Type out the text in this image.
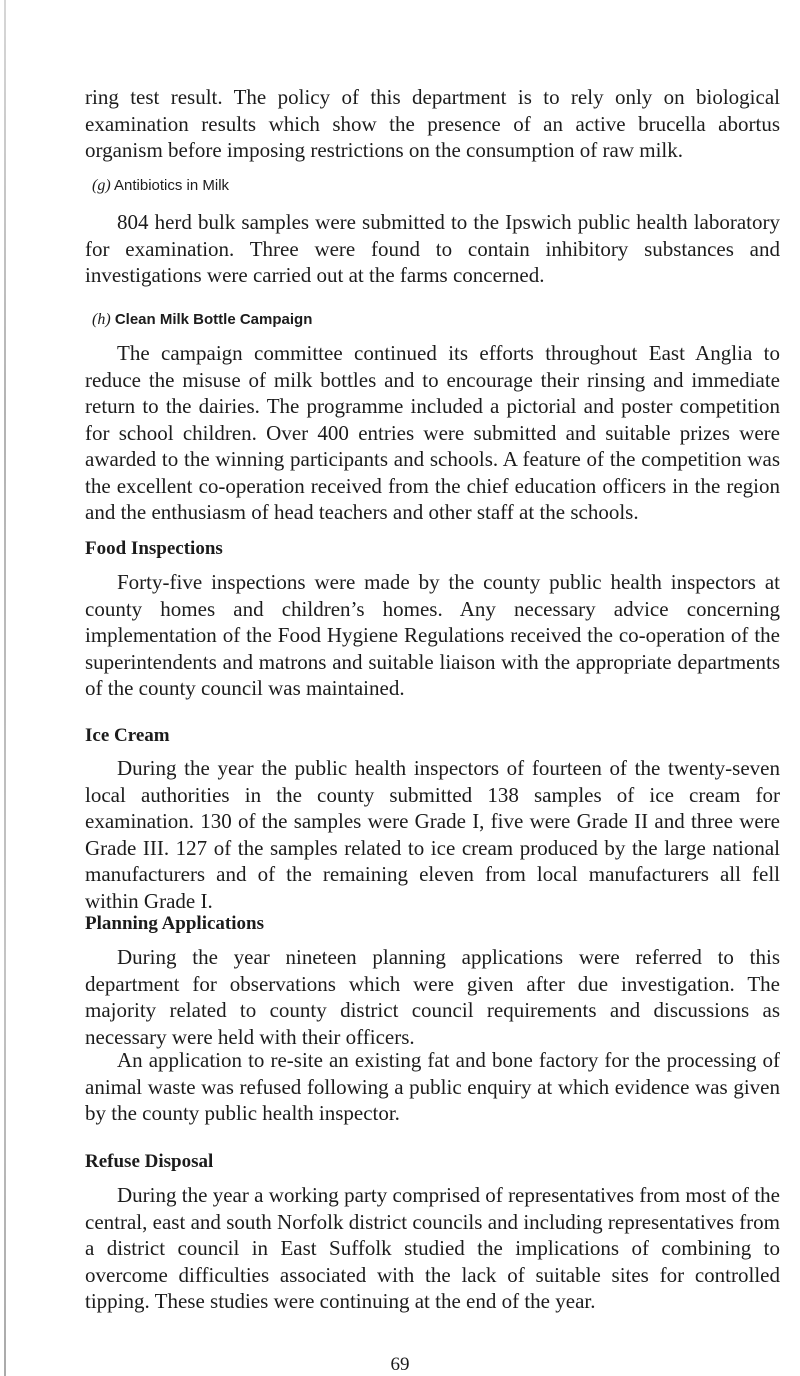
ring test result. The policy of this department is to rely only on biological examination results which show the presence of an active brucella abortus organism before imposing restrictions on the consumption of raw milk.

(g) Antibiotics in Milk

804 herd bulk samples were submitted to the Ipswich public health laboratory for examination. Three were found to contain inhibitory substances and investigations were carried out at the farms concerned.

(h) Clean Milk Bottle Campaign

The campaign committee continued its efforts throughout East Anglia to reduce the misuse of milk bottles and to encourage their rinsing and immediate return to the dairies. The programme included a pictorial and poster competition for school children. Over 400 entries were submitted and suitable prizes were awarded to the winning participants and schools. A feature of the competition was the excellent co-operation received from the chief education officers in the region and the enthusiasm of head teachers and other staff at the schools.

Food Inspections

Forty-five inspections were made by the county public health inspectors at county homes and children’s homes. Any necessary advice concerning implementation of the Food Hygiene Regulations received the co-operation of the superintendents and matrons and suitable liaison with the appropriate departments of the county council was maintained.

Ice Cream

During the year the public health inspectors of fourteen of the twenty-seven local authorities in the county submitted 138 samples of ice cream for examination. 130 of the samples were Grade I, five were Grade II and three were Grade III. 127 of the samples related to ice cream produced by the large national manufacturers and of the remaining eleven from local manufacturers all fell within Grade I.

Planning Applications

During the year nineteen planning applications were referred to this department for observations which were given after due investigation. The majority related to county district council requirements and discussions as necessary were held with their officers.

An application to re-site an existing fat and bone factory for the processing of animal waste was refused following a public enquiry at which evidence was given by the county public health inspector.

Refuse Disposal

During the year a working party comprised of representatives from most of the central, east and south Norfolk district councils and including representatives from a district council in East Suffolk studied the implications of combining to overcome difficulties associated with the lack of suitable sites for controlled tipping. These studies were continuing at the end of the year.

69
